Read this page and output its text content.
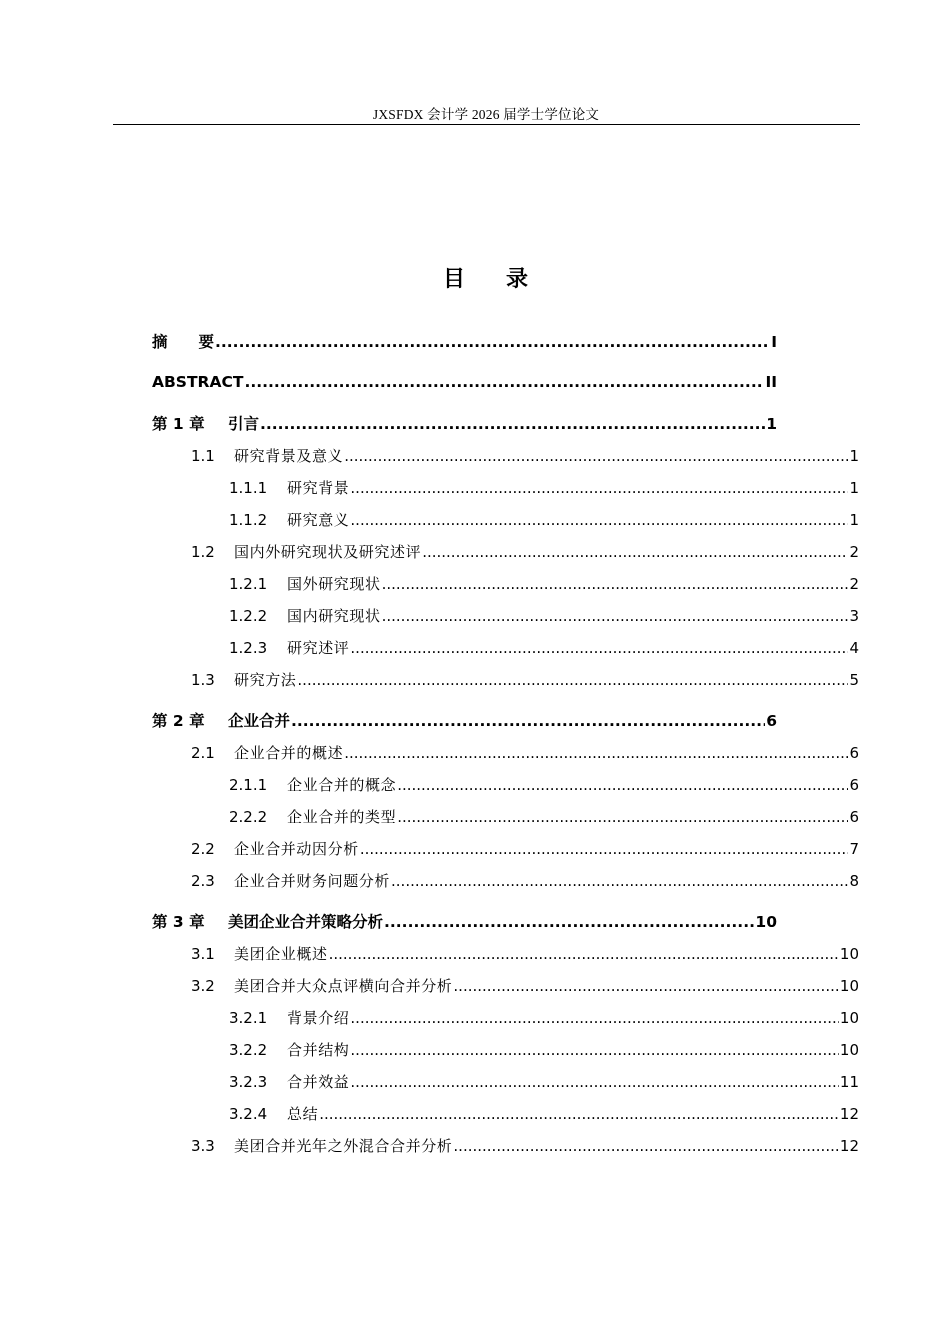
JXSFDX 会计学 2026 届学士学位论文
目 录
摘　　要 .....	I
ABSTRACT .....	II
第 1 章	引言 .....	1
1.1	研究背景及意义 .....	1
1.1.1	研究背景 .....	1
1.1.2	研究意义 .....	1
1.2	国内外研究现状及研究述评 .....	2
1.2.1	国外研究现状 .....	2
1.2.2	国内研究现状 .....	3
1.2.3	研究述评 .....	4
1.3	研究方法 .....	5
第 2 章	企业合并 .....	6
2.1	企业合并的概述 .....	6
2.1.1	企业合并的概念 .....	6
2.2.2	企业合并的类型 .....	6
2.2	企业合并动因分析 .....	7
2.3	企业合并财务问题分析 .....	8
第 3 章	美团企业合并策略分析 .....	10
3.1	美团企业概述 .....	10
3.2	美团合并大众点评横向合并分析 .....	10
3.2.1	背景介绍 .....	10
3.2.2	合并结构 .....	10
3.2.3	合并效益 .....	11
3.2.4	总结 .....	12
3.3	美团合并光年之外混合合并分析 .....	12
